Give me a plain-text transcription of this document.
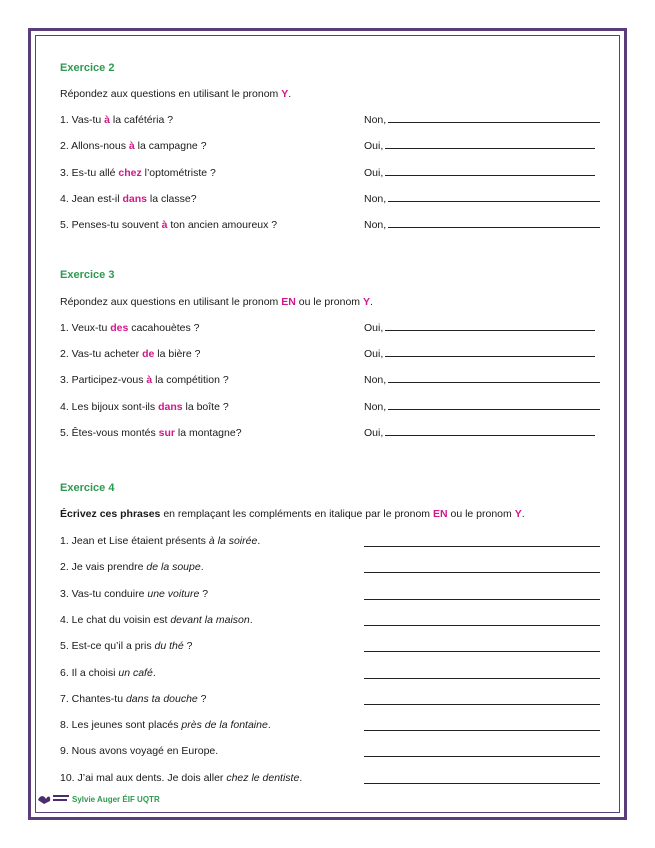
Exercice 2
Répondez aux questions en utilisant le pronom Y.
1. Vas-tu à la cafétéria ?	Non,
2. Allons-nous à la campagne ?	Oui,
3. Es-tu allé chez l’optométriste ?	Oui,
4. Jean est-il dans la classe?	Non,
5. Penses-tu souvent à ton ancien amoureux ?	Non,
Exercice 3
Répondez aux questions en utilisant le pronom EN ou le pronom Y.
1. Veux-tu des cacahouètes ?	Oui,
2. Vas-tu acheter de la bière ?	Oui,
3. Participez-vous à la compétition ?	Non,
4. Les bijoux sont-ils dans la boîte ?	Non,
5. Êtes-vous montés sur la montagne?	Oui,
Exercice 4
Écrivez ces phrases en remplaçant les compléments en italique par le pronom EN ou le pronom Y.
1. Jean et Lise étaient présents à la soirée.
2. Je vais prendre de la soupe.
3. Vas-tu conduire une voiture ?
4. Le chat du voisin est devant la maison.
5. Est-ce qu’il a pris du thé ?
6. Il a choisi un café.
7. Chantes-tu dans ta douche ?
8. Les jeunes sont placés près de la fontaine.
9. Nous avons voyagé en Europe.
10. J’ai mal aux dents. Je dois aller chez le dentiste.
Sylvie Auger ÉIF UQTR
